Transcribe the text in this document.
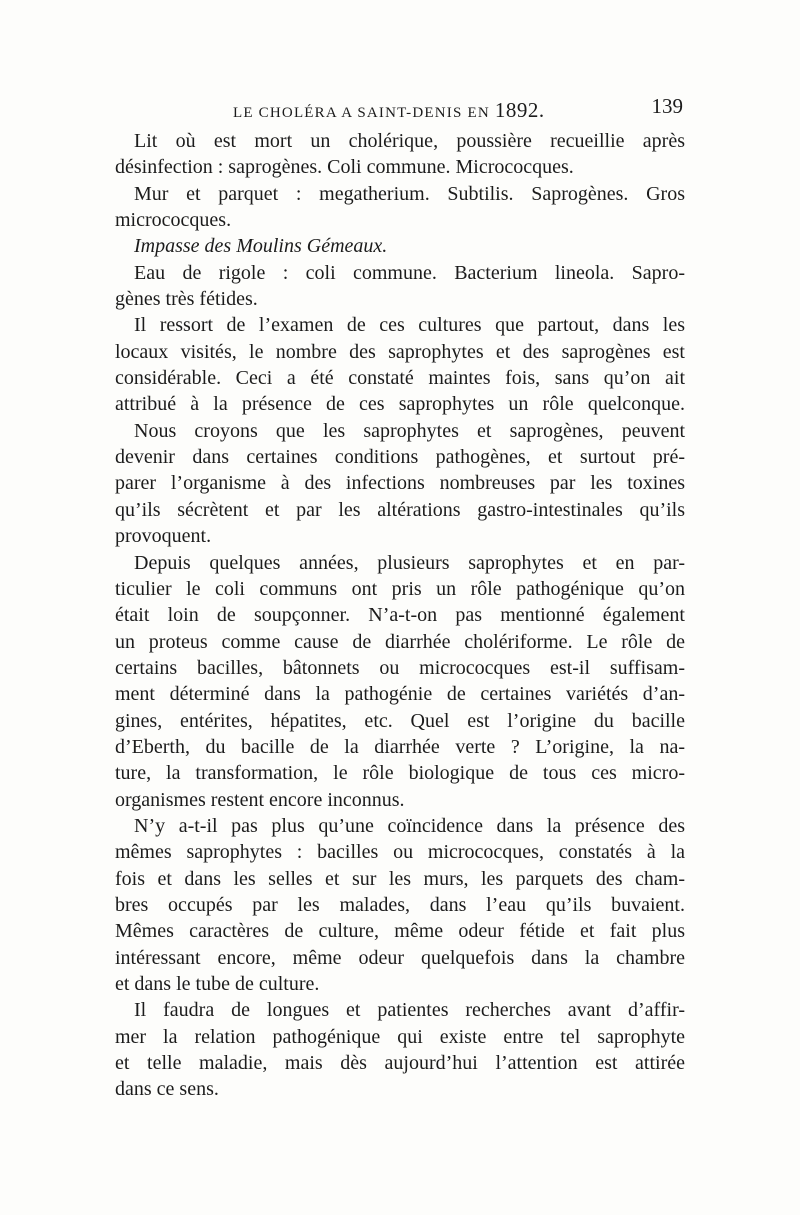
LE CHOLÉRA A SAINT-DENIS EN 1892.	139
Lit où est mort un cholérique, poussière recueillie après
désinfection : saprogènes. Coli commune. Micrococques.
Mur et parquet : megatherium. Subtilis. Saprogènes. Gros
micrococques.
Impasse des Moulins Gémeaux.
Eau de rigole : coli commune. Bacterium lineola. Sapro-
gènes très fétides.
Il ressort de l’examen de ces cultures que partout, dans les
locaux visités, le nombre des saprophytes et des saprogènes est
considérable. Ceci a été constaté maintes fois, sans qu’on ait
attribué à la présence de ces saprophytes un rôle quelconque.
Nous croyons que les saprophytes et saprogènes, peuvent
devenir dans certaines conditions pathogènes, et surtout pré-
parer l’organisme à des infections nombreuses par les toxines
qu’ils sécrètent et par les altérations gastro-intestinales qu’ils
provoquent.
Depuis quelques années, plusieurs saprophytes et en par-
ticulier le coli communs ont pris un rôle pathogénique qu’on
était loin de soupçonner. N’a-t-on pas mentionné également
un proteus comme cause de diarrhée cholériforme. Le rôle de
certains bacilles, bâtonnets ou micrococques est-il suffisam-
ment déterminé dans la pathogénie de certaines variétés d’an-
gines, entérites, hépatites, etc. Quel est l’origine du bacille
d’Eberth, du bacille de la diarrhée verte ? L’origine, la na-
ture, la transformation, le rôle biologique de tous ces micro-
organismes restent encore inconnus.
N’y a-t-il pas plus qu’une coïncidence dans la présence des
mêmes saprophytes : bacilles ou micrococques, constatés à la
fois et dans les selles et sur les murs, les parquets des cham-
bres occupés par les malades, dans l’eau qu’ils buvaient.
Mêmes caractères de culture, même odeur fétide et fait plus
intéressant encore, même odeur quelquefois dans la chambre
et dans le tube de culture.
Il faudra de longues et patientes recherches avant d’affir-
mer la relation pathogénique qui existe entre tel saprophyte
et telle maladie, mais dès aujourd’hui l’attention est attirée
dans ce sens.
